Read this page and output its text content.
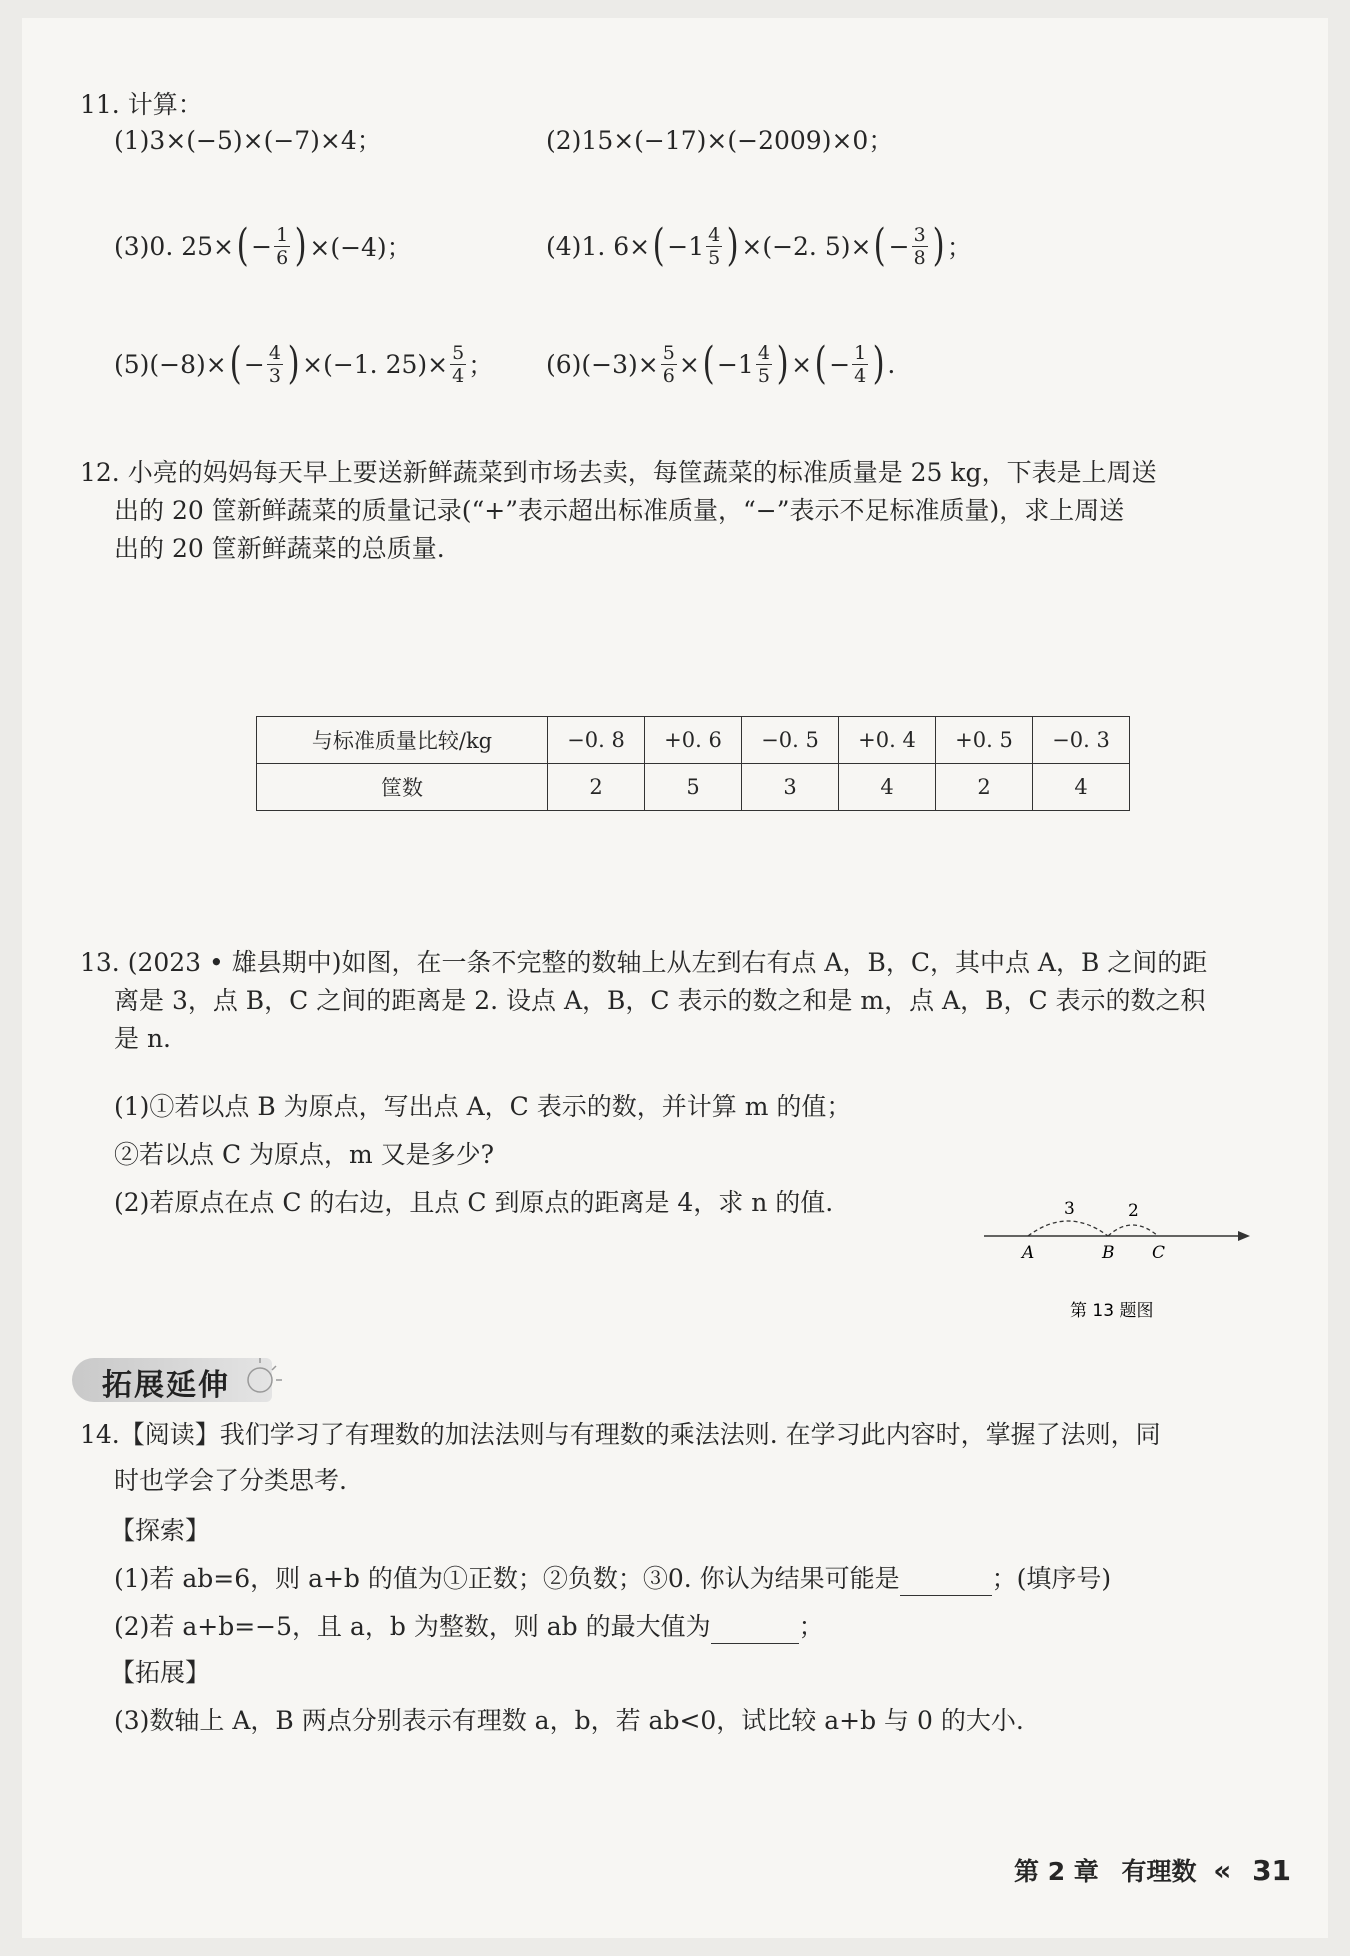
11. 计算：
(1)3×(−5)×(−7)×4；	(2)15×(−17)×(−2009)×0；
(3)0. 25× ( − $\frac{1}{6}$ ) ×(−4)；	(4)1. 6× ( $-1 \frac{4}{5}$ ) ×(−2. 5)× ( − $\frac{3}{8}$ ) ；
(5)(−8)× ( − $\frac{4}{3}$ ) ×(−1. $25)\times \frac{5}{4}$ ； $(6)(-3)\times \frac{5}{6}$ × ( $-1 \frac{4}{5}$ ) × ( − $\frac{1}{4}$ ) .
12. 小亮的妈妈每天早上要送新鲜蔬菜到市场去卖，每筐蔬菜的标准质量是 25 kg，下表是上周送
出的 20 筐新鲜蔬菜的质量记录(“+”表示超出标准质量，“−”表示不足标准质量)，求上周送
出的 20 筐新鲜蔬菜的总质量.
与标准质量比较/kg	−0. 8	+0. 6	−0. 5	+0. 4	+0. 5	−0. 3
筐数	2	5	3	4	2	4
13. (2023 • 雄县期中)如图，在一条不完整的数轴上从左到右有点 A，B，C，其中点 A，B 之间的距
离是 3，点 B，C 之间的距离是 2. 设点 A，B，C 表示的数之和是 m，点 A，B，C 表示的数之积
是 n.
(1)①若以点 B 为原点，写出点 A，C 表示的数，并计算 m 的值；
②若以点 C 为原点，m 又是多少?
(2)若原点在点 C 的右边，且点 C 到原点的距离是 4，求 n 的值.	3	2
A	B C
第 13 题图
拓展延伸
14.【阅读】我们学习了有理数的加法法则与有理数的乘法法则. 在学习此内容时，掌握了法则，同
时也学会了分类思考.
【探索】
(1)若 ab=6，则 a+b 的值为①正数；②负数；③0. 你认为结果可能是	；(填序号)
(2)若 a+b=−5，且 a，b 为整数，则 ab 的最大值为	；
【拓展】
(3)数轴上 A，B 两点分别表示有理数 a，b，若 ab<0，试比较 a+b 与 0 的大小.
第 2 章 有理数 « 31
